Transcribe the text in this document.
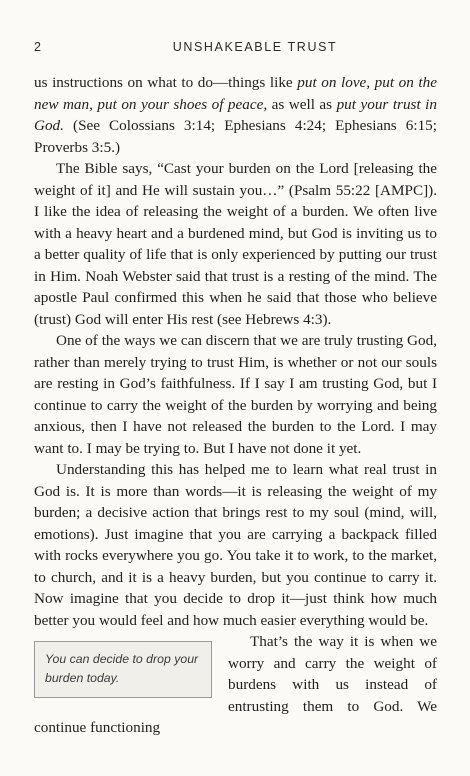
2	UNSHAKEABLE TRUST

us instructions on what to do—things like put on love, put on the new man, put on your shoes of peace, as well as put your trust in God. (See Colossians 3:14; Ephesians 4:24; Ephesians 6:15; Proverbs 3:5.)

The Bible says, “Cast your burden on the Lord [releasing the weight of it] and He will sustain you…” (Psalm 55:22 [AMPC]). I like the idea of releasing the weight of a burden. We often live with a heavy heart and a burdened mind, but God is inviting us to a better quality of life that is only experienced by putting our trust in Him. Noah Webster said that trust is a resting of the mind. The apostle Paul confirmed this when he said that those who believe (trust) God will enter His rest (see Hebrews 4:3).

One of the ways we can discern that we are truly trusting God, rather than merely trying to trust Him, is whether or not our souls are resting in God’s faithfulness. If I say I am trusting God, but I continue to carry the weight of the burden by worrying and being anxious, then I have not released the burden to the Lord. I may want to. I may be trying to. But I have not done it yet.

Understanding this has helped me to learn what real trust in God is. It is more than words—it is releasing the weight of my burden; a decisive action that brings rest to my soul (mind, will, emotions). Just imagine that you are carrying a backpack filled with rocks everywhere you go. You take it to work, to the market, to church, and it is a heavy burden, but you continue to carry it. Now imagine that you decide to drop it—just think how much better you would feel and how much easier everything would be.

You can decide to drop your burden today.

That’s the way it is when we worry and carry the weight of burdens with us instead of entrusting them to God. We continue functioning
